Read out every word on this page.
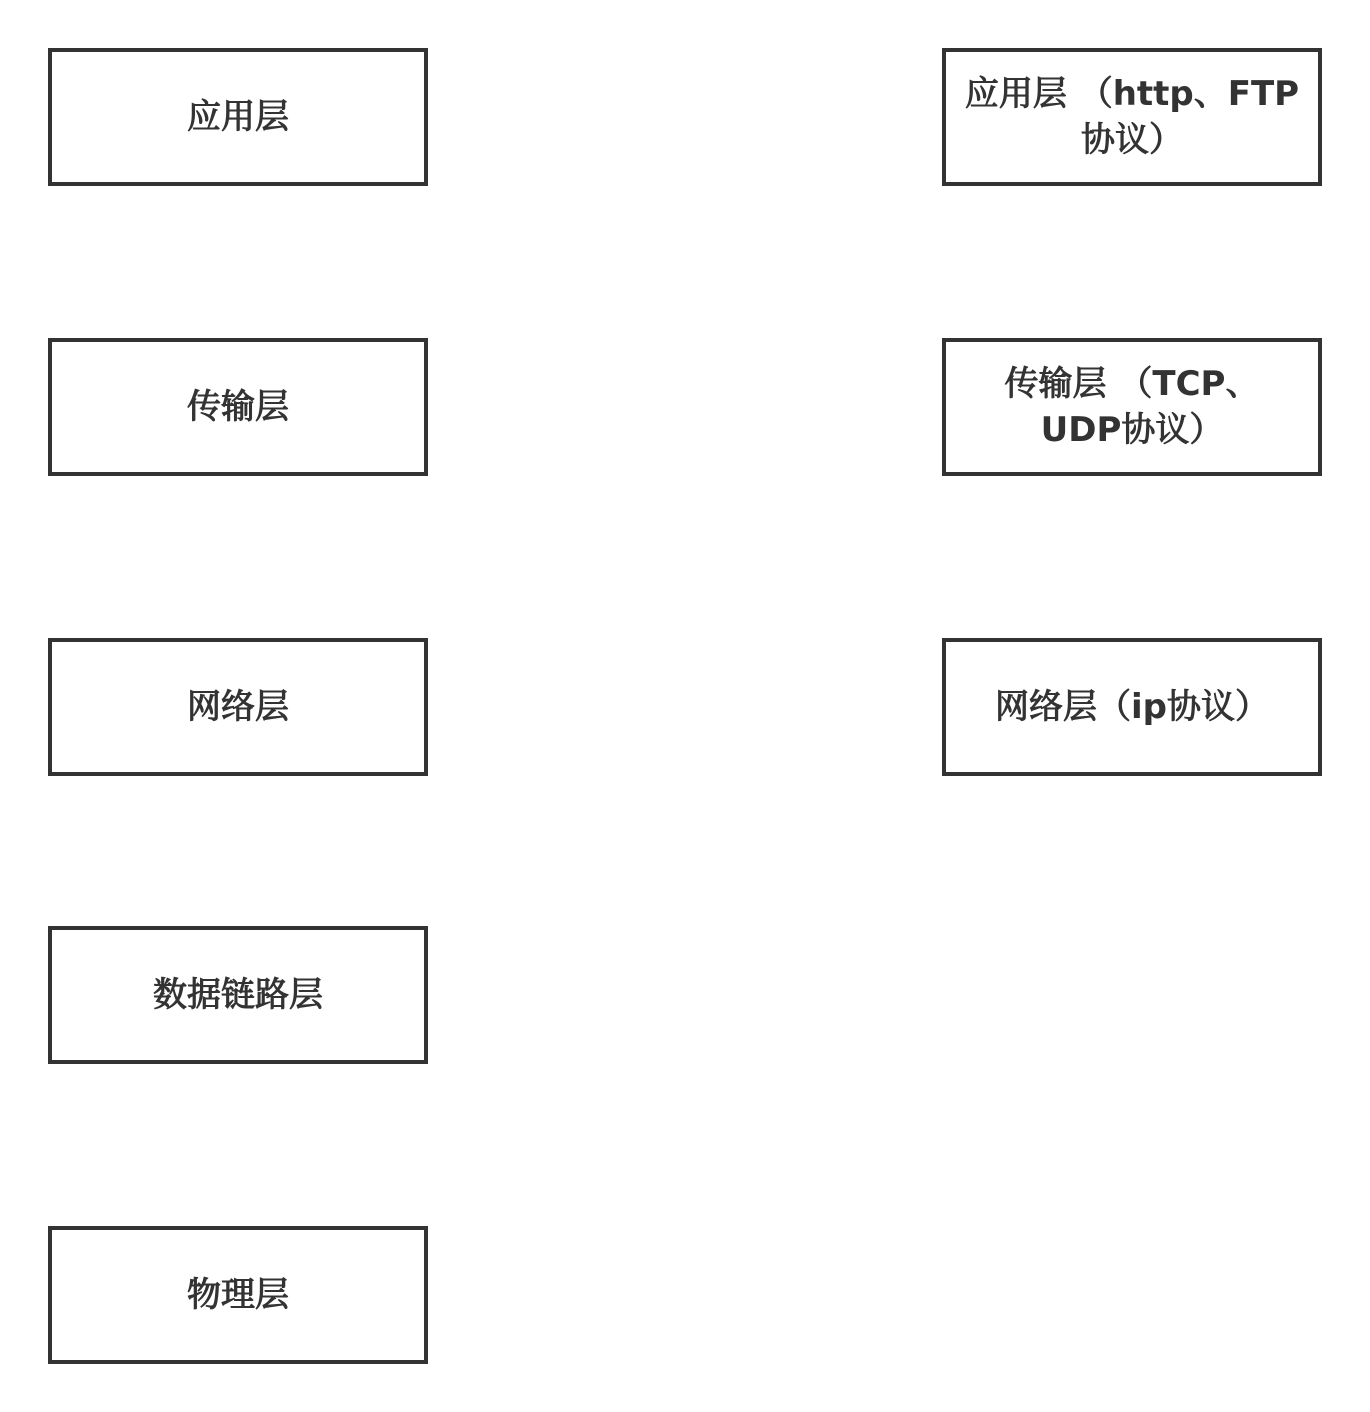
应用层
传输层
网络层
数据链路层
物理层
应用层 （http、FTP协议）
传输层 （TCP、UDP协议）
网络层（ip协议）
